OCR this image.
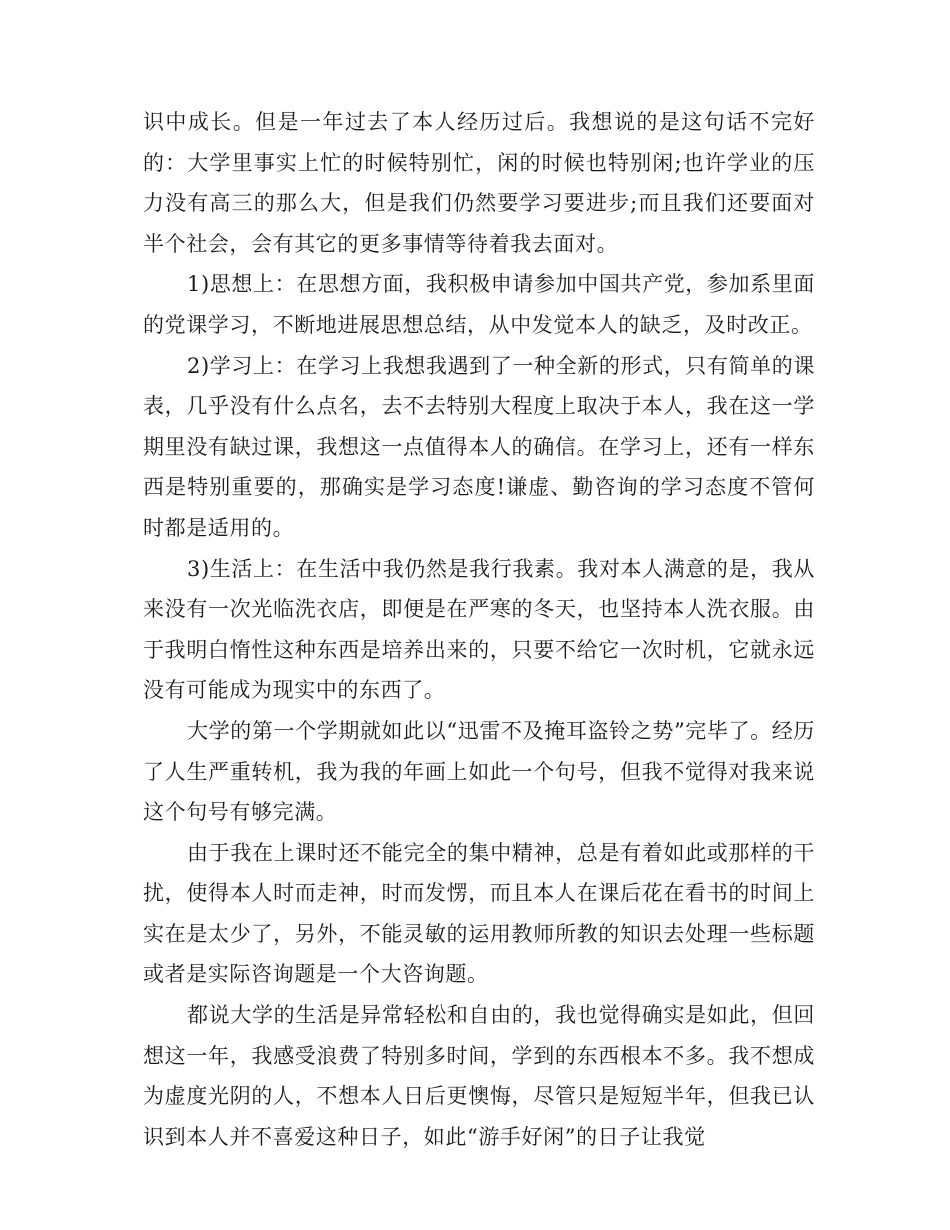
识中成长。但是一年过去了本人经历过后。我想说的是这句话不完好的：大学里事实上忙的时候特别忙，闲的时候也特别闲;也许学业的压力没有高三的那么大，但是我们仍然要学习要进步;而且我们还要面对半个社会，会有其它的更多事情等待着我去面对。

1)思想上：在思想方面，我积极申请参加中国共产党，参加系里面的党课学习，不断地进展思想总结，从中发觉本人的缺乏，及时改正。

2)学习上：在学习上我想我遇到了一种全新的形式，只有简单的课表，几乎没有什么点名，去不去特别大程度上取决于本人，我在这一学期里没有缺过课，我想这一点值得本人的确信。在学习上，还有一样东西是特别重要的，那确实是学习态度!谦虚、勤咨询的学习态度不管何时都是适用的。

3)生活上：在生活中我仍然是我行我素。我对本人满意的是，我从来没有一次光临洗衣店，即便是在严寒的冬天，也坚持本人洗衣服。由于我明白惰性这种东西是培养出来的，只要不给它一次时机，它就永远没有可能成为现实中的东西了。

大学的第一个学期就如此以“迅雷不及掩耳盗铃之势”完毕了。经历了人生严重转机，我为我的年画上如此一个句号，但我不觉得对我来说这个句号有够完满。

由于我在上课时还不能完全的集中精神，总是有着如此或那样的干扰，使得本人时而走神，时而发愣，而且本人在课后花在看书的时间上实在是太少了，另外，不能灵敏的运用教师所教的知识去处理一些标题或者是实际咨询题是一个大咨询题。

都说大学的生活是异常轻松和自由的，我也觉得确实是如此，但回想这一年，我感受浪费了特别多时间，学到的东西根本不多。我不想成为虚度光阴的人，不想本人日后更懊悔，尽管只是短短半年，但我已认识到本人并不喜爱这种日子，如此“游手好闲”的日子让我觉
